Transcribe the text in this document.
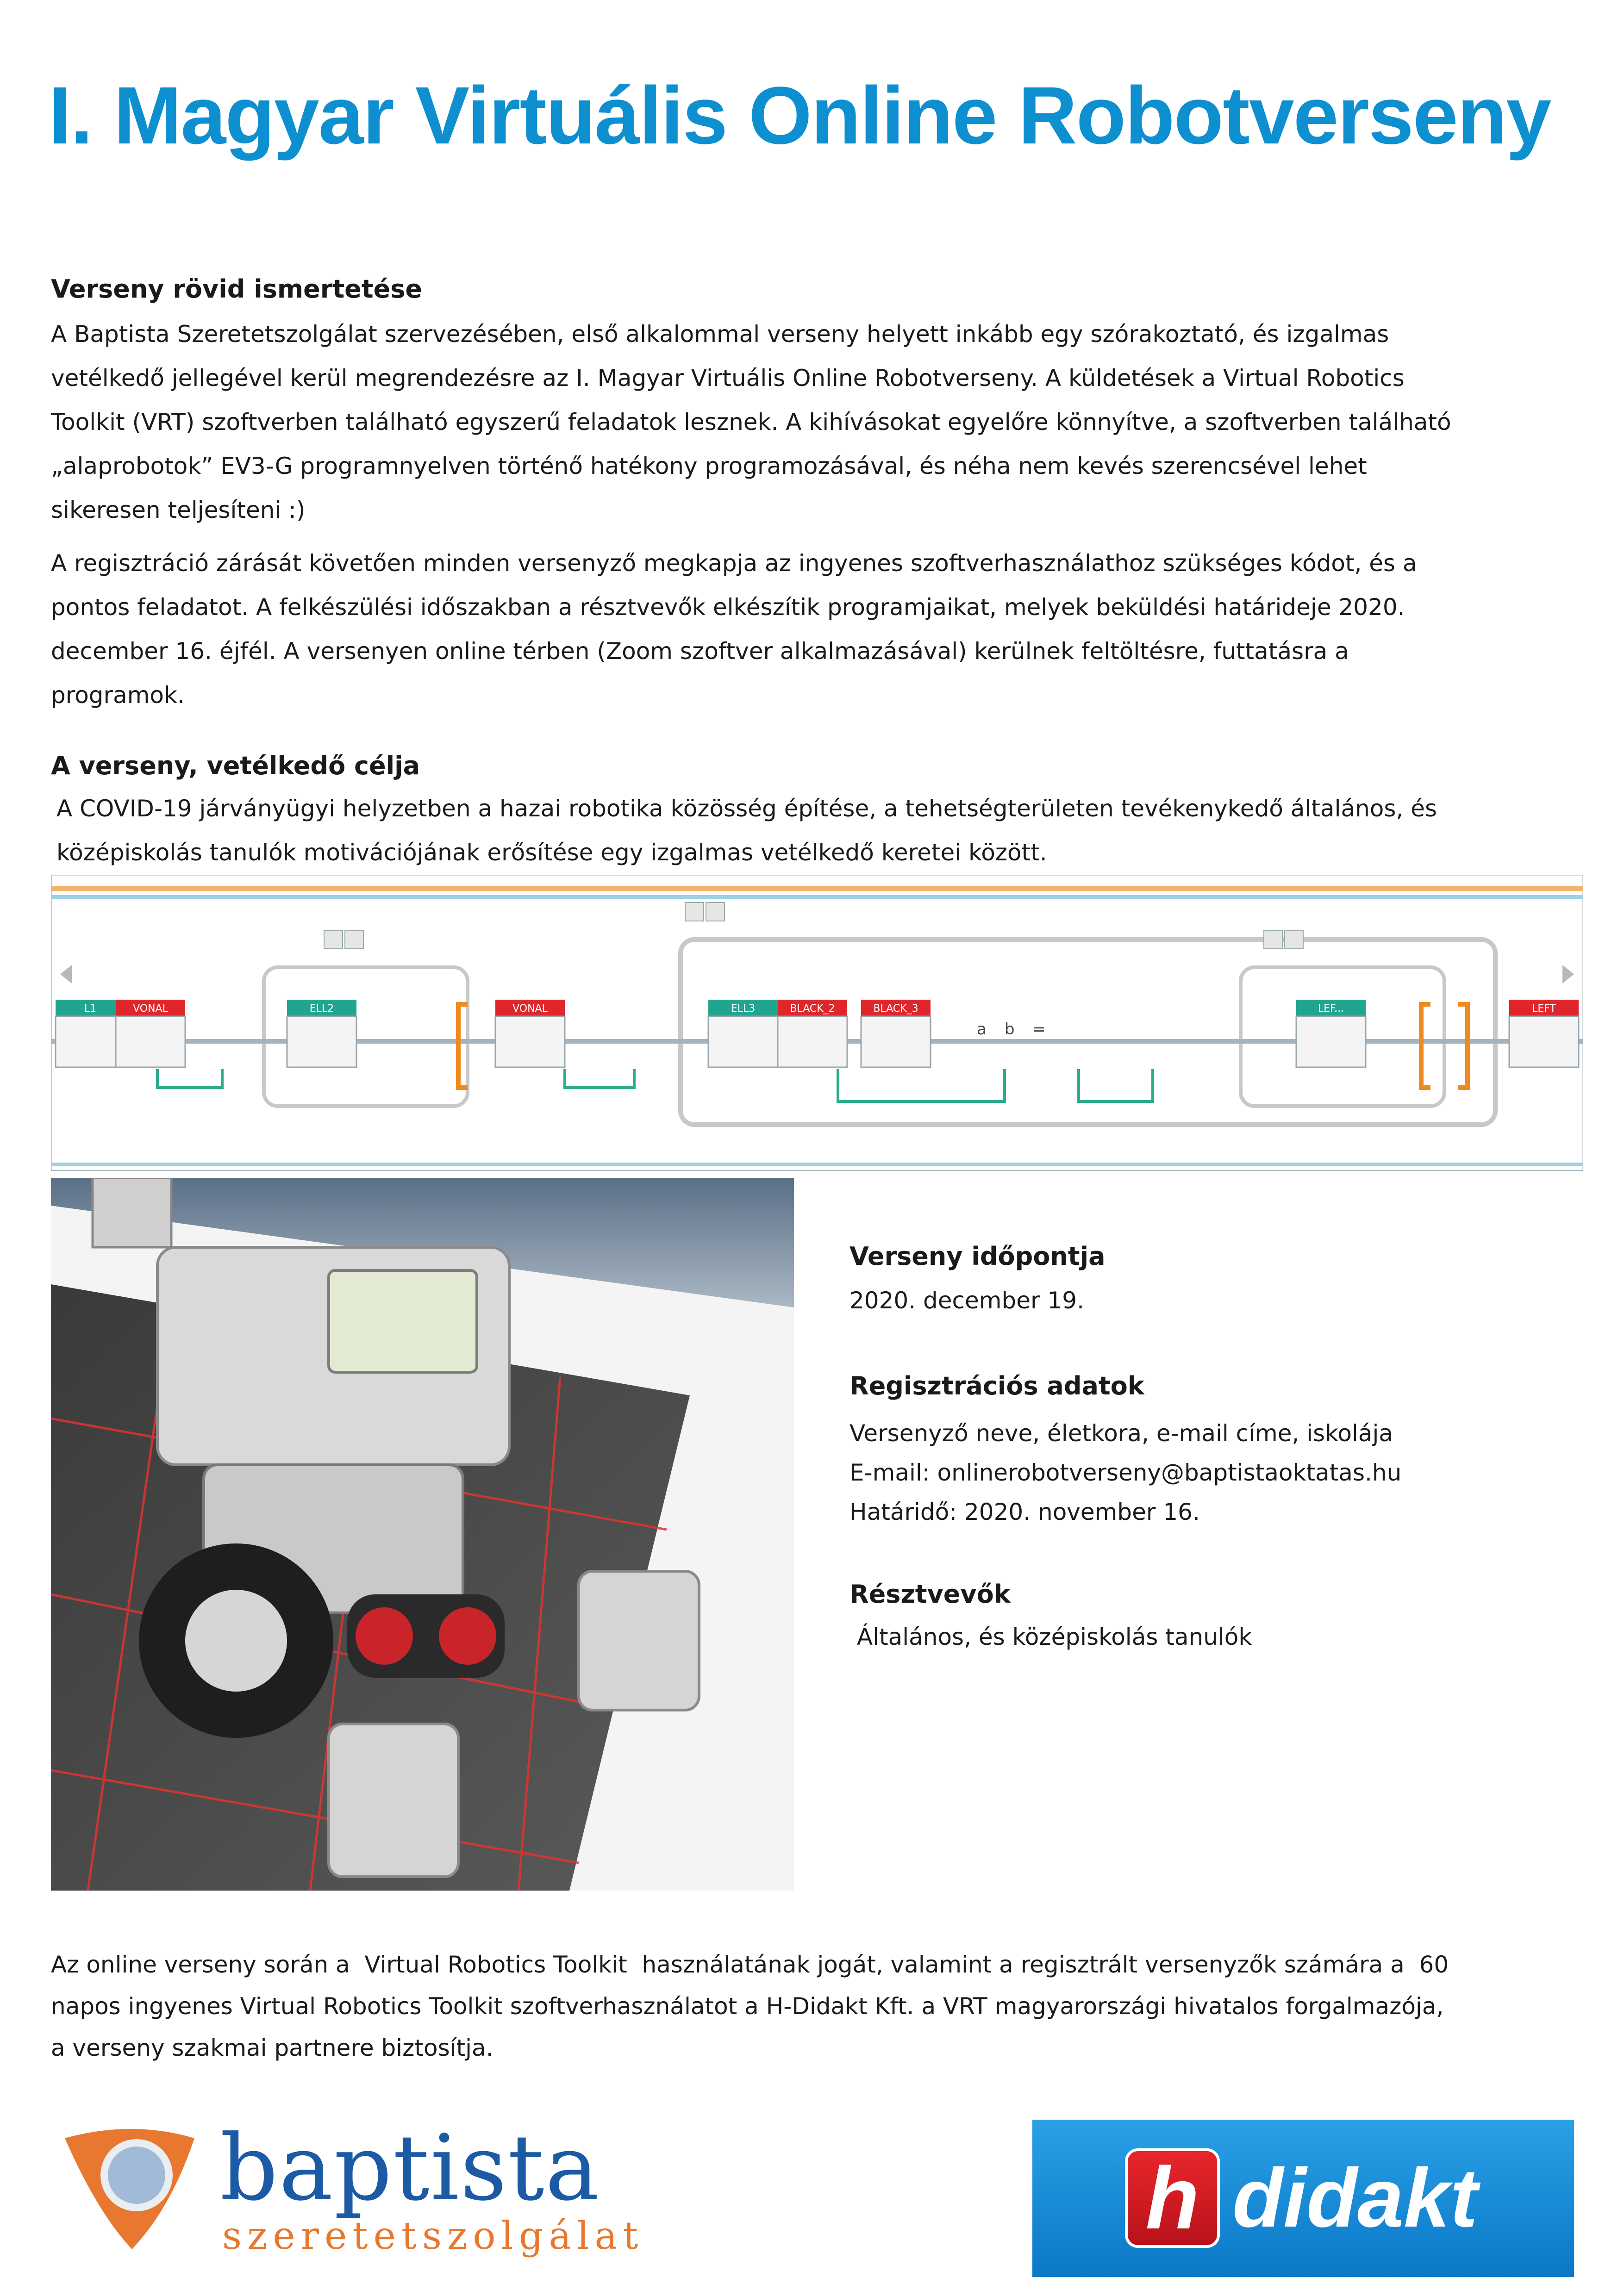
I. Magyar Virtuális Online Robotverseny
Verseny rövid ismertetése

A Baptista Szeretetszolgálat szervezésében, első alkalommal verseny helyett inkább egy szórakoztató, és izgalmas
vetélkedő jellegével kerül megrendezésre az I. Magyar Virtuális Online Robotverseny. A küldetések a Virtual Robotics
Toolkit (VRT) szoftverben található egyszerű feladatok lesznek. A kihívásokat egyelőre könnyítve, a szoftverben található
„alaprobotok” EV3-G programnyelven történő hatékony programozásával, és néha nem kevés szerencsével lehet
sikeresen teljesíteni :)

A regisztráció zárását követően minden versenyző megkapja az ingyenes szoftverhasználathoz szükséges kódot, és a
pontos feladatot. A felkészülési időszakban a résztvevők elkészítik programjaikat, melyek beküldési határideje 2020.
december 16. éjfél. A versenyen online térben (Zoom szoftver alkalmazásával) kerülnek feltöltésre, futtatásra a
programok.

A verseny, vetélkedő célja

A COVID-19 járványügyi helyzetben a hazai robotika közösség építése, a tehetségterületen tevékenykedő általános, és
középiskolás tanulók motivációjának erősítése egy izgalmas vetélkedő keretei között.

L1	VONAL	ELL2	VONAL	ELL3	BLACK_2	BLACK_3	LEF...	LEFT
a b =
Verseny időpontja

2020. december 19.

Regisztrációs adatok

Versenyző neve, életkora, e-mail címe, iskolája
E-mail: onlinerobotverseny@baptistaoktatas.hu
Határidő: 2020. november 16.

Résztvevők

Általános, és középiskolás tanulók

Az online verseny során a  Virtual Robotics Toolkit  használatának jogát, valamint a regisztrált versenyzők számára a  60
napos ingyenes Virtual Robotics Toolkit szoftverhasználatot a H-Didakt Kft. a VRT magyarországi hivatalos forgalmazója,
a verseny szakmai partnere biztosítja.

baptista
szeretetszolgálat	h didakt
